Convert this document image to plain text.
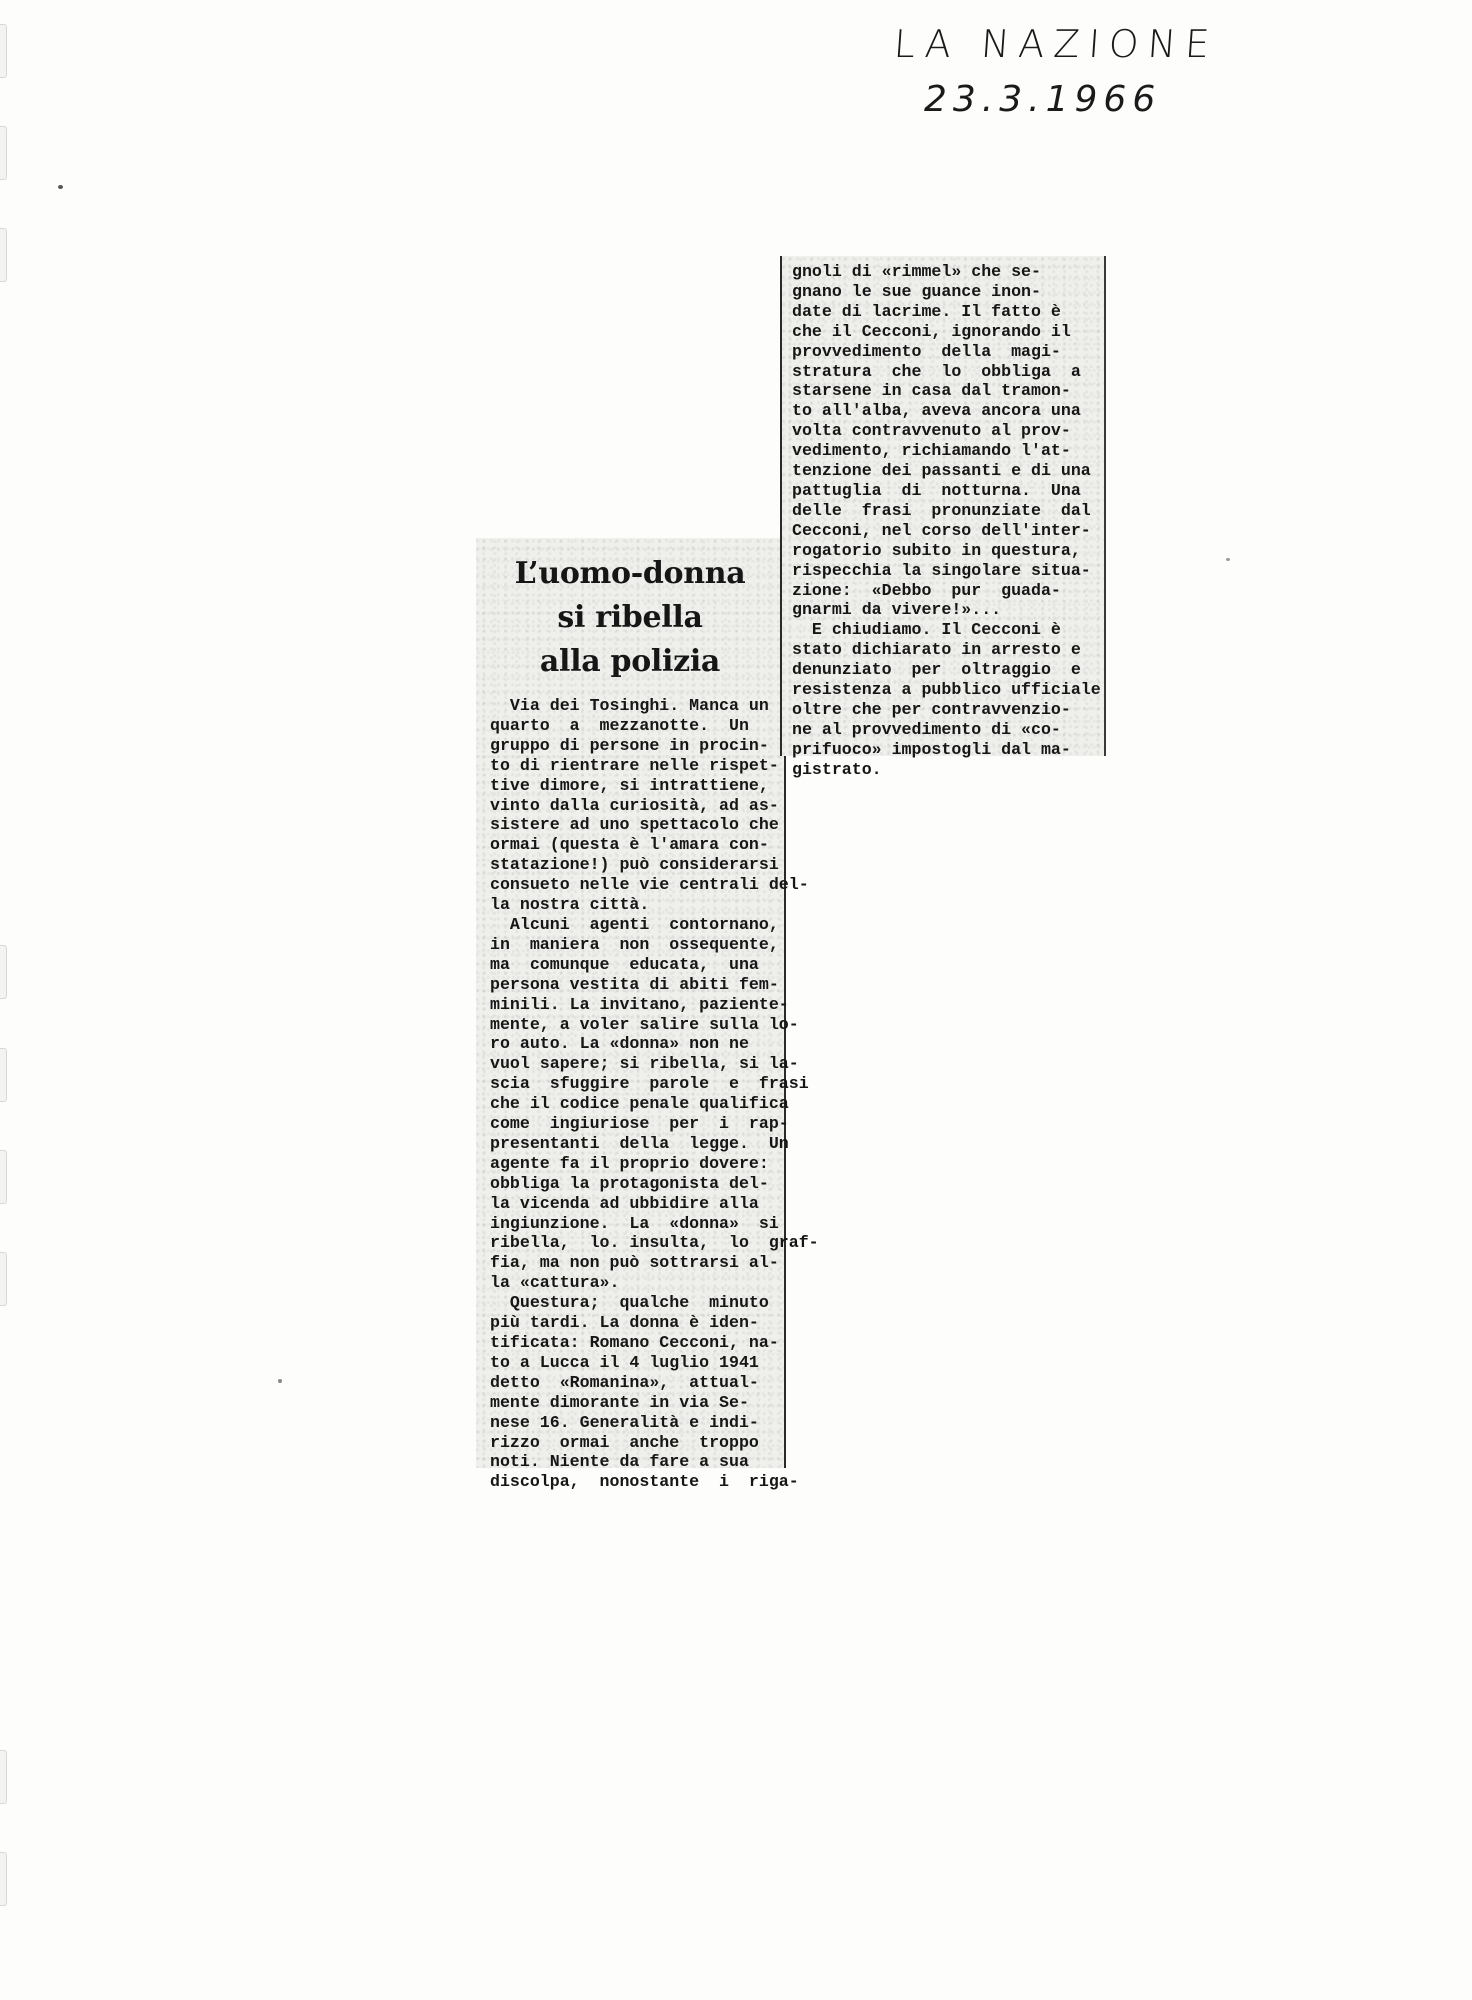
LA NAZIONE
23.3.1966
L’uomo-donna
si ribella
alla polizia
Via dei Tosinghi. Manca un
quarto  a  mezzanotte.  Un
gruppo di persone in procin-
to di rientrare nelle rispet-
tive dimore, si intrattiene,
vinto dalla curiosità, ad as-
sistere ad uno spettacolo che
ormai (questa è l'amara con-
statazione!) può considerarsi
consueto nelle vie centrali del-
la nostra città.
Alcuni  agenti  contornano,
in  maniera  non  ossequente,
ma  comunque  educata,  una
persona vestita di abiti fem-
minili. La invitano, paziente-
mente, a voler salire sulla lo-
ro auto. La «donna» non ne
vuol sapere; si ribella, si la-
scia  sfuggire  parole  e  frasi
che il codice penale qualifica
come  ingiuriose  per  i  rap-
presentanti  della  legge.  Un
agente fa il proprio dovere:
obbliga la protagonista del-
la vicenda ad ubbidire alla
ingiunzione.  La  «donna»  si
ribella,  lo. insulta,  lo  graf-
fia, ma non può sottrarsi al-
la «cattura».
Questura;  qualche  minuto
più tardi. La donna è iden-
tificata: Romano Cecconi, na-
to a Lucca il 4 luglio 1941
detto  «Romanina»,  attual-
mente dimorante in via Se-
nese 16. Generalità e indi-
rizzo  ormai  anche  troppo
noti. Niente da fare a sua
discolpa,  nonostante  i  riga-
gnoli di «rimmel» che se-
gnano le sue guance inon-
date di lacrime. Il fatto è
che il Cecconi, ignorando il
provvedimento  della  magi-
stratura  che  lo  obbliga  a
starsene in casa dal tramon-
to all'alba, aveva ancora una
volta contravvenuto al prov-
vedimento, richiamando l'at-
tenzione dei passanti e di una
pattuglia  di  notturna.  Una
delle  frasi  pronunziate  dal
Cecconi, nel corso dell'inter-
rogatorio subito in questura,
rispecchia la singolare situa-
zione:  «Debbo  pur  guada-
gnarmi da vivere!»...
E chiudiamo. Il Cecconi è
stato dichiarato in arresto e
denunziato  per  oltraggio  e
resistenza a pubblico ufficiale
oltre che per contravvenzio-
ne al provvedimento di «co-
prifuoco» impostogli dal ma-
gistrato.
